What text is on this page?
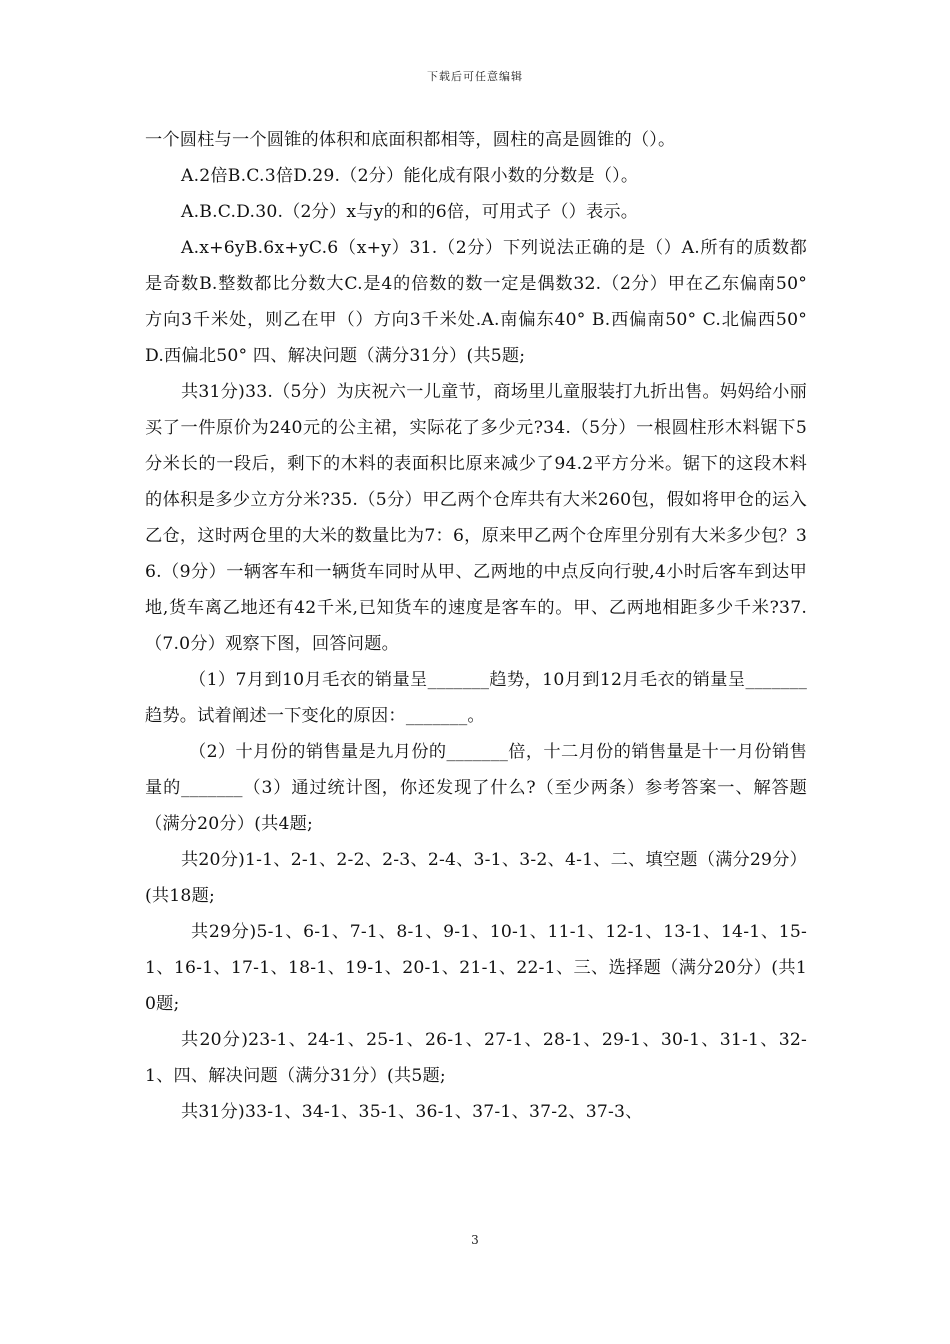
下载后可任意编辑

一个圆柱与一个圆锥的体积和底面积都相等，圆柱的高是圆锥的（）。

A.2倍B.C.3倍D.29.（2分）能化成有限小数的分数是（）。

A.B.C.D.30.（2分）x与y的和的6倍，可用式子（）表示。

A.x+6yB.6x+yC.6（x+y）31.（2分）下列说法正确的是（）A.所有的质数都是奇数B.整数都比分数大C.是4的倍数的数一定是偶数32.（2分）甲在乙东偏南50° 方向3千米处，则乙在甲（）方向3千米处.A.南偏东40° B.西偏南50° C.北偏西50° D.西偏北50° 四、解决问题（满分31分）(共5题;

共31分)33.（5分）为庆祝六一儿童节，商场里儿童服装打九折出售。妈妈给小丽买了一件原价为240元的公主裙，实际花了多少元?34.（5分）一根圆柱形木料锯下5分米长的一段后，剩下的木料的表面积比原来减少了94.2平方分米。锯下的这段木料的体积是多少立方分米?35.（5分）甲乙两个仓库共有大米260包，假如将甲仓的运入乙仓，这时两仓里的大米的数量比为7：6，原来甲乙两个仓库里分别有大米多少包？36.（9分）一辆客车和一辆货车同时从甲、乙两地的中点反向行驶,4小时后客车到达甲地,货车离乙地还有42千米,已知货车的速度是客车的。甲、乙两地相距多少千米?37.（7.0分）观察下图，回答问题。

（1）7月到10月毛衣的销量呈_______趋势，10月到12月毛衣的销量呈_______趋势。试着阐述一下变化的原因：_______。

（2）十月份的销售量是九月份的_______倍，十二月份的销售量是十一月份销售量的_______（3）通过统计图，你还发现了什么?（至少两条）参考答案一、解答题（满分20分）(共4题;

共20分)1-1、2-1、2-2、2-3、2-4、3-1、3-2、4-1、二、填空题（满分29分）(共18题;

共29分)5-1、6-1、7-1、8-1、9-1、10-1、11-1、12-1、13-1、14-1、15-1、16-1、17-1、18-1、19-1、20-1、21-1、22-1、三、选择题（满分20分）(共10题;

共20分)23-1、24-1、25-1、26-1、27-1、28-1、29-1、30-1、31-1、32-1、四、解决问题（满分31分）(共5题;

共31分)33-1、34-1、35-1、36-1、37-1、37-2、37-3、

3
